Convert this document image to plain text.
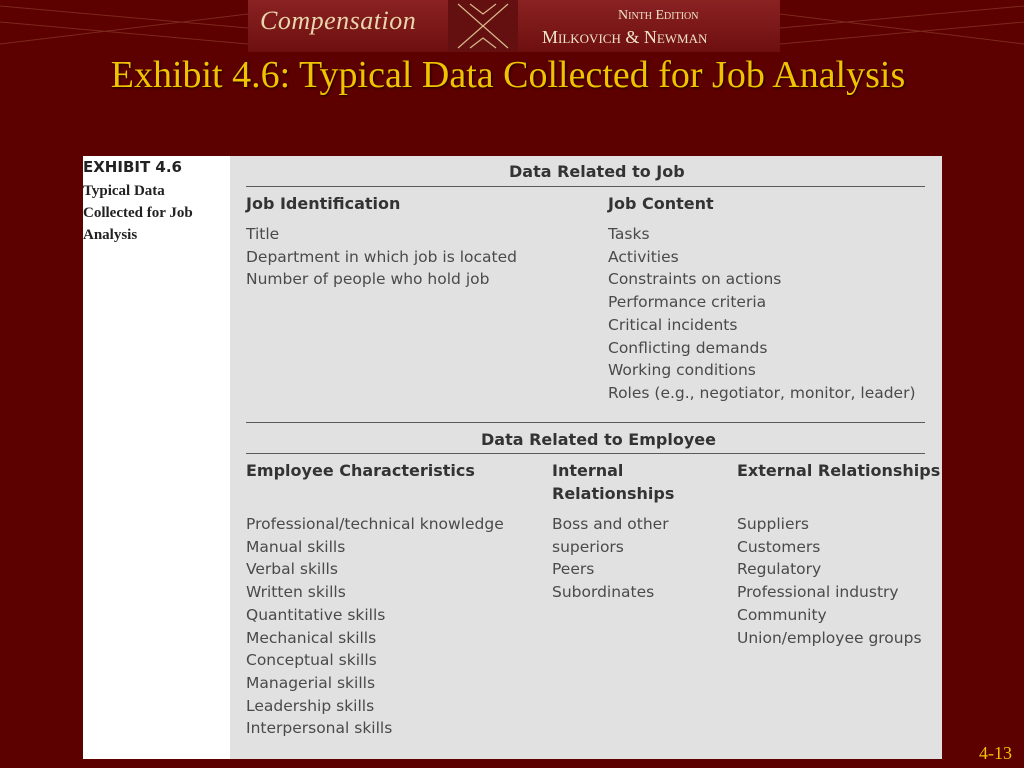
Compensation	Ninth Edition
Milkovich & Newman
Exhibit 4.6: Typical Data Collected for Job Analysis
EXHIBIT 4.6
Typical Data Collected for Job Analysis
Data Related to Job
Job Identification
Title
Department in which job is located
Number of people who hold job
Job Content
Tasks
Activities
Constraints on actions
Performance criteria
Critical incidents
Conflicting demands
Working conditions
Roles (e.g., negotiator, monitor, leader)
Data Related to Employee
Employee Characteristics
Professional/technical knowledge
Manual skills
Verbal skills
Written skills
Quantitative skills
Mechanical skills
Conceptual skills
Managerial skills
Leadership skills
Interpersonal skills
Internal Relationships
Boss and other superiors
Peers
Subordinates
External Relationships
Suppliers
Customers
Regulatory
Professional industry
Community
Union/employee groups
4-13
